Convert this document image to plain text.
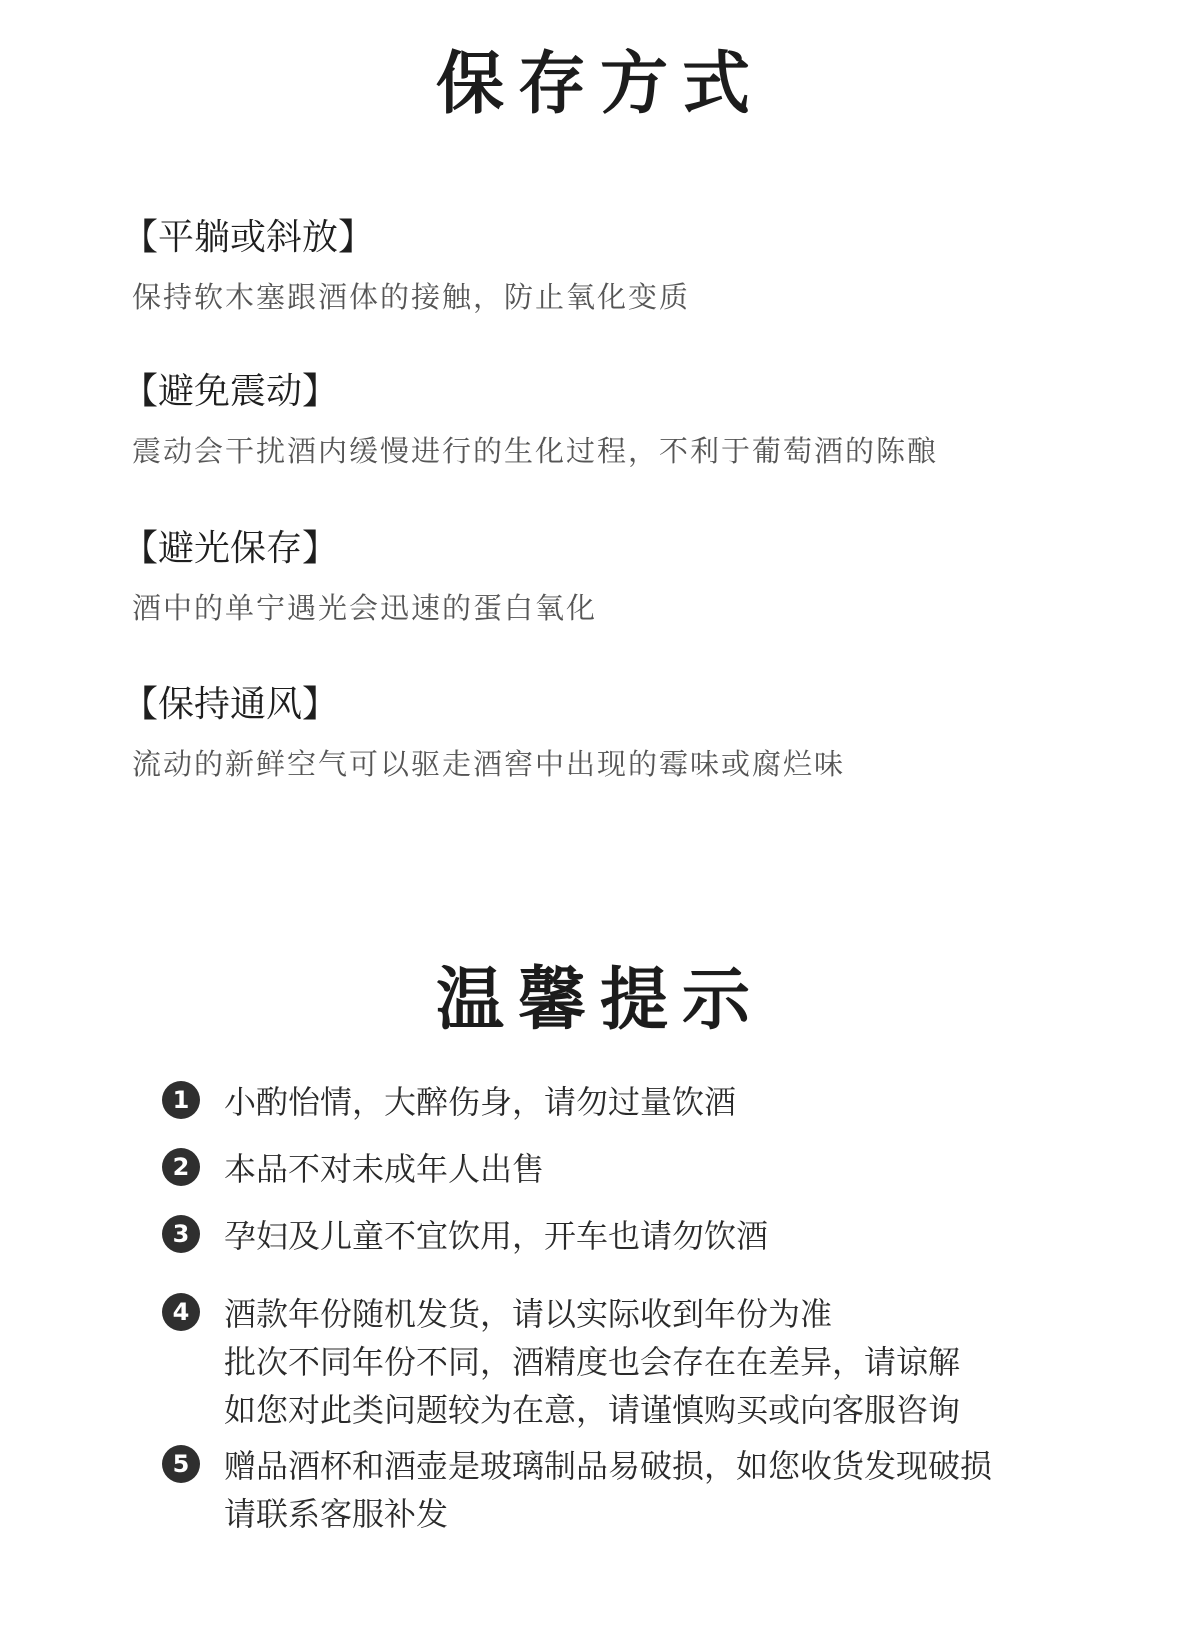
保存方式
【平躺或斜放】
保持软木塞跟酒体的接触，防止氧化变质
【避免震动】
震动会干扰酒内缓慢进行的生化过程，不利于葡萄酒的陈酿
【避光保存】
酒中的单宁遇光会迅速的蛋白氧化
【保持通风】
流动的新鲜空气可以驱走酒窖中出现的霉味或腐烂味
温馨提示
1	小酌怡情，大醉伤身，请勿过量饮酒
2	本品不对未成年人出售
3	孕妇及儿童不宜饮用，开车也请勿饮酒
4	酒款年份随机发货，请以实际收到年份为准
批次不同年份不同，酒精度也会存在在差异，请谅解
如您对此类问题较为在意，请谨慎购买或向客服咨询
5	赠品酒杯和酒壶是玻璃制品易破损，如您收货发现破损
请联系客服补发
